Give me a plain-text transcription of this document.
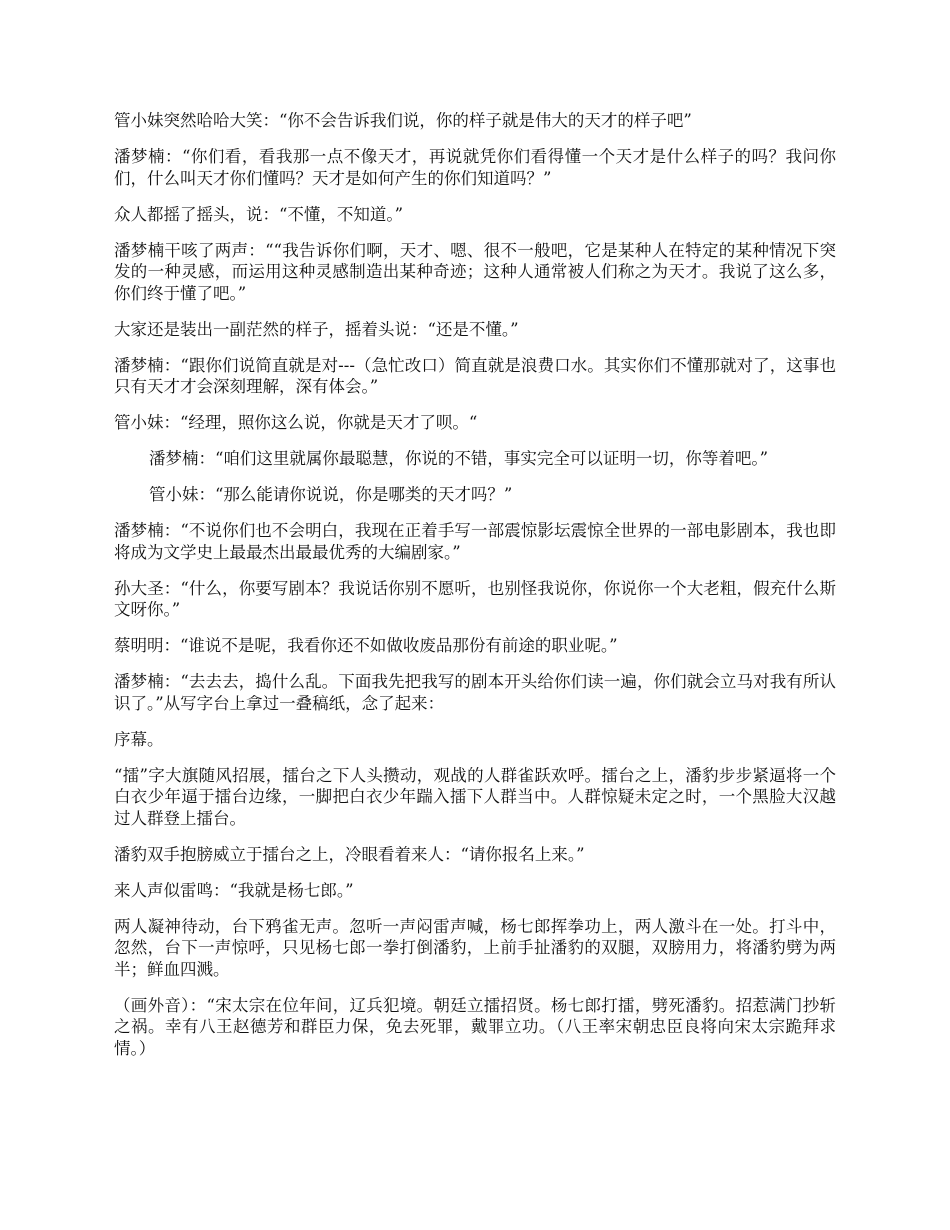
管小妹突然哈哈大笑：“你不会告诉我们说，你的样子就是伟大的天才的样子吧”

潘梦楠：“你们看，看我那一点不像天才，再说就凭你们看得懂一个天才是什么样子的吗？我问你们，什么叫天才你们懂吗？天才是如何产生的你们知道吗？”

众人都摇了摇头，说：“不懂，不知道。”

潘梦楠干咳了两声：““我告诉你们啊，天才、嗯、很不一般吧，它是某种人在特定的某种情况下突发的一种灵感，而运用这种灵感制造出某种奇迹；这种人通常被人们称之为天才。我说了这么多，你们终于懂了吧。”

大家还是装出一副茫然的样子，摇着头说：“还是不懂。”

潘梦楠：“跟你们说简直就是对---（急忙改口）简直就是浪费口水。其实你们不懂那就对了，这事也只有天才才会深刻理解，深有体会。”

管小妹：“经理，照你这么说，你就是天才了呗。“

潘梦楠：“咱们这里就属你最聪慧，你说的不错，事实完全可以证明一切，你等着吧。”

管小妹：“那么能请你说说，你是哪类的天才吗？”

潘梦楠：“不说你们也不会明白，我现在正着手写一部震惊影坛震惊全世界的一部电影剧本，我也即将成为文学史上最最杰出最最优秀的大编剧家。”

孙大圣：“什么，你要写剧本？我说话你别不愿听，也别怪我说你，你说你一个大老粗，假充什么斯文呀你。”

蔡明明：“谁说不是呢，我看你还不如做收废品那份有前途的职业呢。”

潘梦楠：“去去去，捣什么乱。下面我先把我写的剧本开头给你们读一遍，你们就会立马对我有所认识了。”从写字台上拿过一叠稿纸，念了起来：

序幕。

“擂”字大旗随风招展，擂台之下人头攒动，观战的人群雀跃欢呼。擂台之上，潘豹步步紧逼将一个白衣少年逼于擂台边缘，一脚把白衣少年踹入擂下人群当中。人群惊疑未定之时，一个黑脸大汉越过人群登上擂台。

潘豹双手抱膀威立于擂台之上，冷眼看着来人：“请你报名上来。”

来人声似雷鸣：“我就是杨七郎。”

两人凝神待动，台下鸦雀无声。忽听一声闷雷声喊，杨七郎挥拳功上，两人激斗在一处。打斗中，忽然，台下一声惊呼，只见杨七郎一拳打倒潘豹，上前手扯潘豹的双腿，双膀用力，将潘豹劈为两半；鲜血四溅。

（画外音）：“宋太宗在位年间，辽兵犯境。朝廷立擂招贤。杨七郎打擂，劈死潘豹。招惹满门抄斩之祸。幸有八王赵德芳和群臣力保，免去死罪，戴罪立功。（八王率宋朝忠臣良将向宋太宗跪拜求情。）
